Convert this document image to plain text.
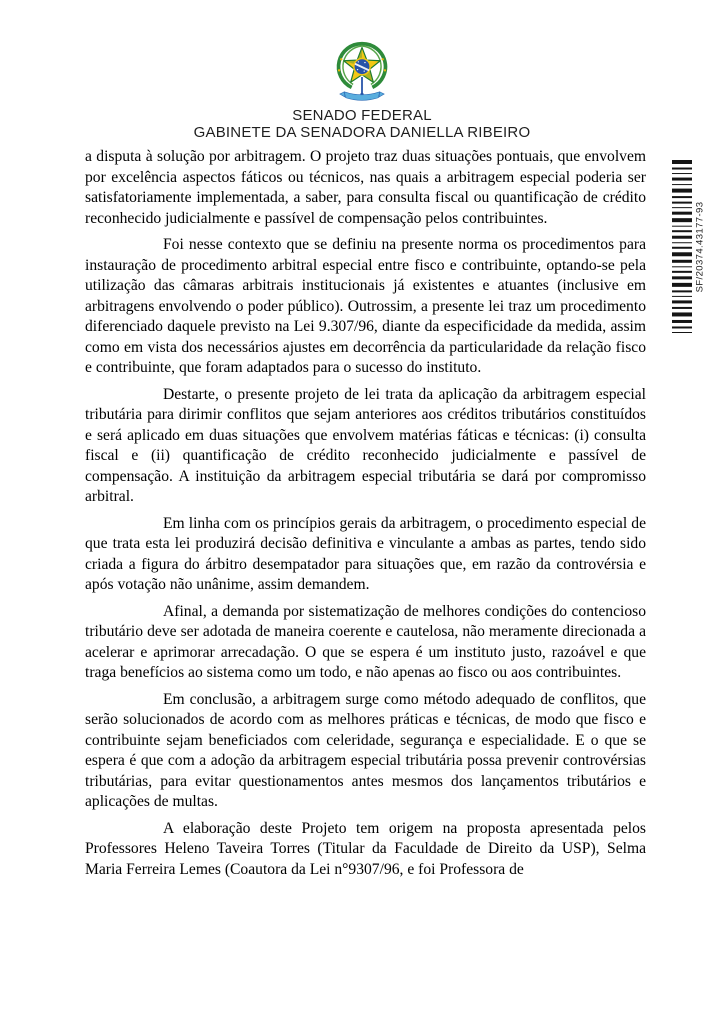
SENADO FEDERAL
GABINETE DA SENADORA DANIELLA RIBEIRO

a disputa à solução por arbitragem. O projeto traz duas situações pontuais, que envolvem por excelência aspectos fáticos ou técnicos, nas quais a arbitragem especial poderia ser satisfatoriamente implementada, a saber, para consulta fiscal ou quantificação de crédito reconhecido judicialmente e passível de compensação pelos contribuintes.

Foi nesse contexto que se definiu na presente norma os procedimentos para instauração de procedimento arbitral especial entre fisco e contribuinte, optando-se pela utilização das câmaras arbitrais institucionais já existentes e atuantes (inclusive em arbitragens envolvendo o poder público). Outrossim, a presente lei traz um procedimento diferenciado daquele previsto na Lei 9.307/96, diante da especificidade da medida, assim como em vista dos necessários ajustes em decorrência da particularidade da relação fisco e contribuinte, que foram adaptados para o sucesso do instituto.

Destarte, o presente projeto de lei trata da aplicação da arbitragem especial tributária para dirimir conflitos que sejam anteriores aos créditos tributários constituídos e será aplicado em duas situações que envolvem matérias fáticas e técnicas: (i) consulta fiscal e (ii) quantificação de crédito reconhecido judicialmente e passível de compensação. A instituição da arbitragem especial tributária se dará por compromisso arbitral.

Em linha com os princípios gerais da arbitragem, o procedimento especial de que trata esta lei produzirá decisão definitiva e vinculante a ambas as partes, tendo sido criada a figura do árbitro desempatador para situações que, em razão da controvérsia e após votação não unânime, assim demandem.

Afinal, a demanda por sistematização de melhores condições do contencioso tributário deve ser adotada de maneira coerente e cautelosa, não meramente direcionada a acelerar e aprimorar arrecadação. O que se espera é um instituto justo, razoável e que traga benefícios ao sistema como um todo, e não apenas ao fisco ou aos contribuintes.

Em conclusão, a arbitragem surge como método adequado de conflitos, que serão solucionados de acordo com as melhores práticas e técnicas, de modo que fisco e contribuinte sejam beneficiados com celeridade, segurança e especialidade. E o que se espera é que com a adoção da arbitragem especial tributária possa prevenir controvérsias tributárias, para evitar questionamentos antes mesmos dos lançamentos tributários e aplicações de multas.

A elaboração deste Projeto tem origem na proposta apresentada pelos Professores Heleno Taveira Torres (Titular da Faculdade de Direito da USP), Selma Maria Ferreira Lemes (Coautora da Lei n°9307/96, e foi Professora de

SF/20374.43177-93
